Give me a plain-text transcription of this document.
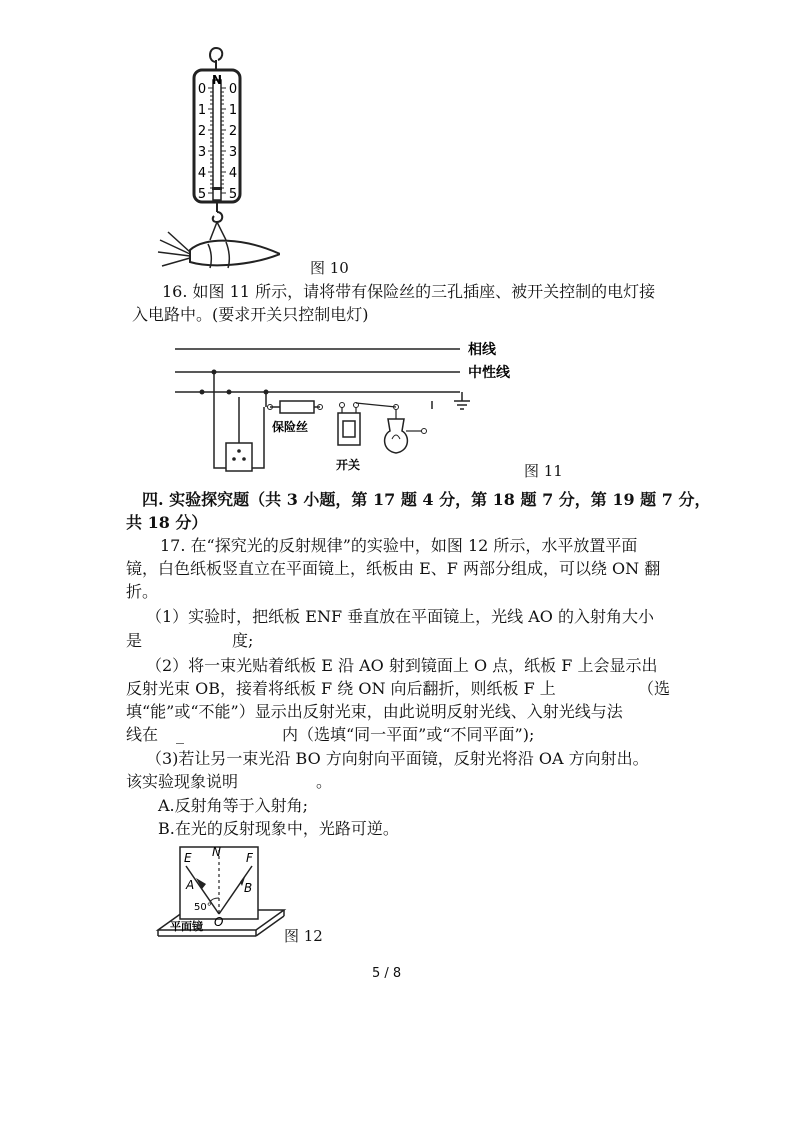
N
0
1
2
3
4
5
0
1
2
3
4
5
图 10
16. 如图 11 所示，请将带有保险丝的三孔插座、被开关控制的电灯接
入电路中。(要求开关只控制电灯)
相线
中性线
保险丝
开关	图 11
四. 实验探究题（共 3 小题，第 17 题 4 分，第 18 题 7 分，第 19 题 7 分，
共 18 分）
17. 在“探究光的反射规律”的实验中，如图 12 所示，水平放置平面
镜，白色纸板竖直立在平面镜上，纸板由 E、F 两部分组成，可以绕 ON 翻
折。
（1）实验时，把纸板 ENF 垂直放在平面镜上，光线 AO 的入射角大小
是	度;
（2）将一束光贴着纸板 E 沿 AO 射到镜面上 O 点，纸板 F 上会显示出
反射光束 OB，接着将纸板 F 绕 ON 向后翻折，则纸板 F 上	（选
填“能”或“不能”）显示出反射光束，由此说明反射光线、入射光线与法
线在 _	内（选填“同一平面”或“不同平面”);
（3)若让另一束光沿 BO 方向射向平面镜，反射光将沿 OA 方向射出。
该实验现象说明	。
A.反射角等于入射角;
B.在光的反射现象中，光路可逆。
E N F
A	B
O
50°
平面镜
图 12
5 / 8
